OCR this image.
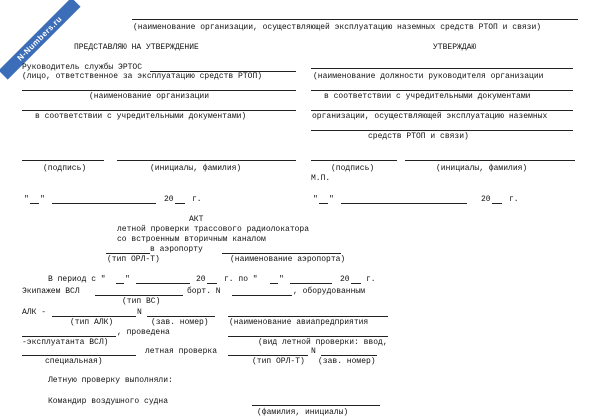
N-Numbers.ru	(наименование организации, осуществляющей эксплуатацию наземных средств РТОП и связи)
ПРЕДСТАВЛЯЮ НА УТВЕРЖДЕНИЕ
Руководитель службы ЭРТОС
(лицо, ответственное за эксплуатацию средств РТОП)
(наименование организации
в соответствии с учредительными документами)
(подпись)	(инициалы, фамилия)
" "	20 г.
УТВЕРЖДАЮ
(наименование должности руководителя организации
в соответствии с учредительными документами
организации, осуществляющей эксплуатацию наземных
средств РТОП и связи)
(подпись)	(инициалы, фамилия)
М.П.
" "	20 г.
АКТ
летной проверки трассового радиолокатора
со встроенным вторичным каналом
в аэропорту
(тип ОРЛ-Т)	(наименование аэропорта)
В период с " "	20 г. по "	"	20 г.
Экипажем ВСЛ	борт. N	, оборудованным
(тип ВС)
АЛК -	N
(тип АЛК)	(зав. номер)	(наименование авиапредприятия
, проведена
-эксплуатанта ВСЛ)	(вид летной проверки: ввод,
летная проверка	N
специальная)	(тип ОРЛ-Т) (зав. номер)
Летную проверку выполняли:
Командир воздушного судна
(фамилия, инициалы)
